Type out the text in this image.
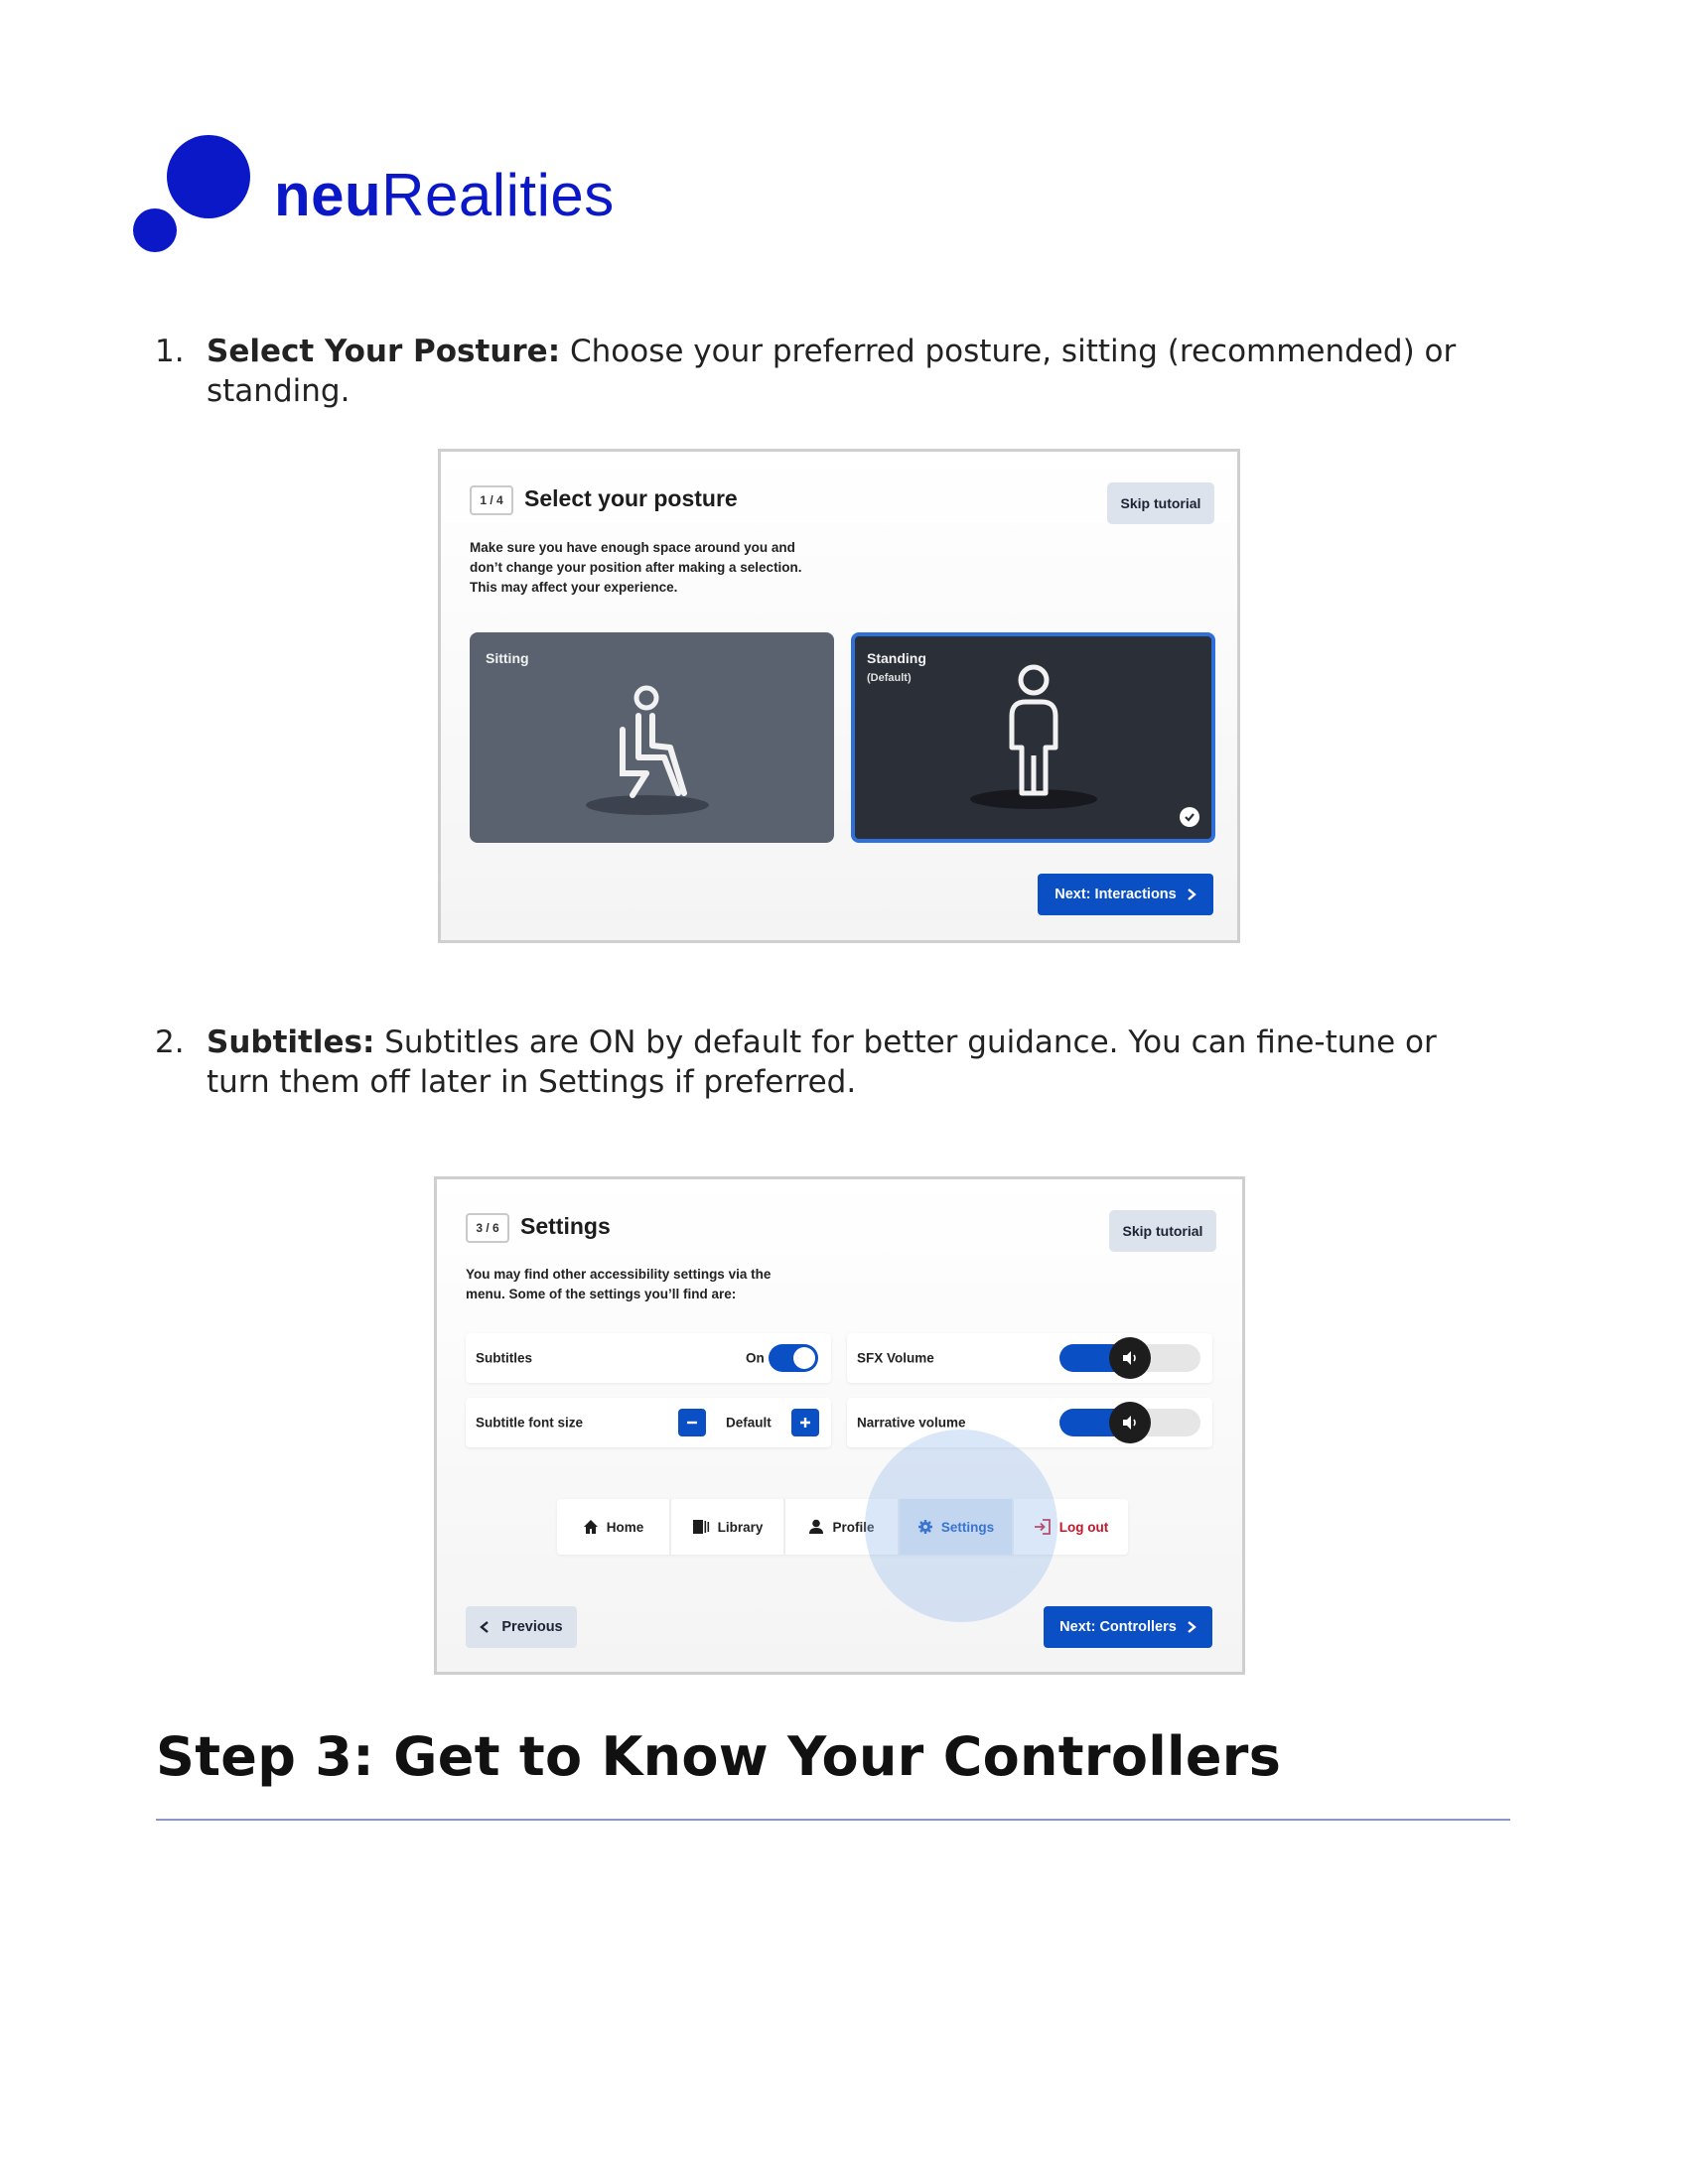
neuRealities
1. Select Your Posture: Choose your preferred posture, sitting (recommended) or
standing.
1 / 4 Select your posture	Skip tutorial
Make sure you have enough space around you and
don’t change your position after making a selection.
This may affect your experience.
Sitting	Standing
(Default)
Next: Interactions
2. Subtitles: Subtitles are ON by default for better guidance. You can fine-tune or
turn them off later in Settings if preferred.
3 / 6 Settings	Skip tutorial
You may find other accessibility settings via the
menu. Some of the settings you’ll find are:
Subtitles	On
Subtitle font size	Default
SFX Volume
Narrative volume
Home	Library	Profile	Settings	Log out
Previous	Next: Controllers
Step 3: Get to Know Your Controllers
